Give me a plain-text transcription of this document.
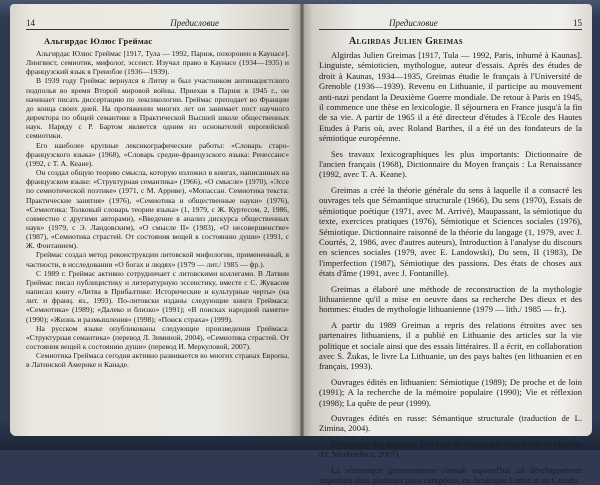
14	Предисловие
Альгирдас Юлюс Греймас

Альгирдас Юлюс Греймас [1917, Тула — 1992, Париж, похоронен в Каунасе]. Лингвист, семиотик, мифолог, эссеист. Изучал право в Каунасе (1934—1935) и французский язык в Гренобле (1936—1939).

В 1939 году Греймас вернулся в Литву и был участником антинацистского подполья во время Второй мировой войны. Приехав в Париж в 1945 г., он начинает писать диссертацию по лексикологии. Греймас преподает во Франции до конца своих дней. На протяжении многих лет он занимает пост научного директора по общей семантике в Практической Высшей школе общественных наук. Наряду с Р. Бартом является одним из основателей европейской семиотики.

Его наиболее крупные лексикографические работы: «Словарь старо-французского языка» (1968), «Словарь средне-французского языка: Ренессанс» (1992, с Т. А. Кеане).

Он создал общую теорию смысла, которую изложил в книгах, написанных на французском языке: «Структурная семантика» (1966), «О смысле» (1970), «Эссе по семиотической поэтике» (1971, с М. Арриве), «Мопассан. Семиотика текста: Практические занятия» (1976), «Семиотика и общественные науки» (1976), «Семиотика: Толковый словарь теории языка» (1, 1979, с Ж. Куртесом, 2, 1986, совместно с другими авторами), «Введение в анализ дискурса общественных наук» (1979, с Э. Ландовским), «О смысле II» (1983), «О несовершенстве» (1987), «Семиотика страстей. От состояния вещей к состоянию души» (1991, с Ж. Фонтанием).

Греймас создал метод реконструкции литовской мифологии, примененный, в частности, в исследовании «О богах и людях» (1979 — лит./ 1985 — фр.).

С 1989 г. Греймас активно сотрудничает с литовскими коллегами. В Латвии Греймас писал публицистику и литературную эссеистику, вместе с С. Жукасом написал книгу «Литва в Прибалтике: Исторические и культурные черты» (на лит. и франц. яз., 1993). По-литовски изданы следующие книги Греймаса: «Семиотика» (1989); «Далеко и близко» (1991); «В поисках народной памяти» (1990); «Жизнь и размышления» (1998); «Поиск страха» (1999).

На русском языке опубликованы следующие произведения Греймаса: «Структурная семантика» (перевод Л. Зиминой, 2004), «Семиотика страстей. От состояния вещей к состоянию души» (перевод И. Меркуловой, 2007).

Семиотика Греймаса сегодня активно развивается во многих странах Европы, в Латинской Америке и Канаде.

Предисловие	15
Algirdas Julien Greimas

Algirdas Julien Greimas [1917, Tula — 1992, Paris, inhumé à Kaunas]. Linguiste, sémioticien, mythologue, auteur d'essais. Après des études de droit à Kaunas, 1934—1935, Greimas étudie le français à l'Université de Grenoble (1936—1939). Revenu en Lithuanie, il participe au mouvement anti-nazi pendant la Deuxième Guerre mondiale. De retour à Paris en 1945, il commence une thèse en lexicologie. Il séjournera en France jusqu'à la fin de sa vie. A partir de 1965 il a été directeur d'études à l'Ecole des Hautes Etudes à Paris où, avec Roland Barthes, il a été un des fondateurs de la sémiotique européenne.

Ses travaux lexicographiques les plus importants: Dictionnaire de l'ancien français (1968), Dictionnaire du Moyen français : La Renaissance (1992, avec T. A. Keane).

Greimas a créé la théorie générale du sens à laquelle il a consacré les ouvrages tels que Sémantique structurale (1966), Du sens (1970), Essais de sémiotique poétique (1971, avec M. Arrivé), Maupassant, la sémiotique du texte, exercices pratiques (1976), Sémiotique et Sciences sociales (1976), Sémiotique. Dictionnaire raisonné de la théorie du langage (1, 1979, avec J. Courtés, 2, 1986, avec d'autres auteurs), Introduction à l'analyse du discours en sciences sociales (1979, avec E. Landowski), Du sens, II (1983), De l'imperfection (1987), Sémiotique des passions. Des états de choses aux états d'âme (1991, avec J. Fontanille).

Greimas a élaboré une méthode de reconstruction de la mythologie lithuanienne qu'il a mise en oeuvre dans sa recherche Des dieux et des hommes: études de mythologie lithuanienne (1979 — lith./ 1985 — fr.).

A partir du 1989 Greimas a repris des relations étroites avec ses partenaires lithuaniens, il a publié en Lithuanie des articles sur la vie politique et sociale ainsi que des essais littéraires. Il a écrit, en collaboration avec S. Žukas, le livre La Lithuanie, un des pays baltes (en lithuanien et en français, 1993).

Ouvrages édités en lithuanien: Sémiotique (1989); De proche et de loin (1991); A la recherche de la mémoire populaire (1990); Vie et réflexion (1998); La quête de peur (1999).

Ouvrages édités en russe: Sémantique structurale (traduction de L. Zimina, 2004).

Sémiotique des passions. Des états de choses aux états d'âme (traduction d'I. Merkoulova, 2007).

La sémiotique greimassienne connaît aujourd'hui un développement important dans plusieurs pays européens, en Amérique Latine et au Canada.
